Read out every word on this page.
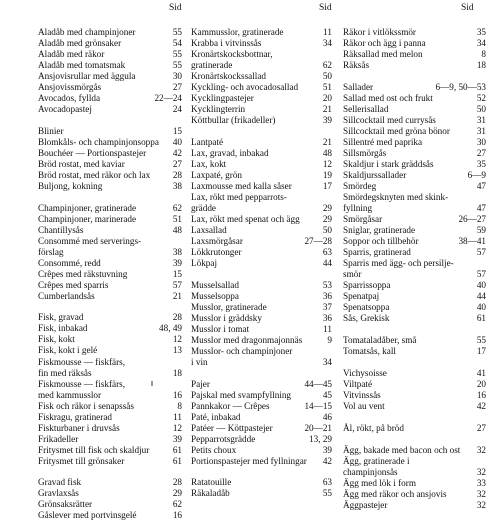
Sid
Aladåb med champinjoner	55
Aladåb med grönsaker	54
Aladåb med räkor	55
Aladåb med tomatsmak	55
Ansjovisrullar med äggula	30
Ansjovissmörgås	27
Avocados, fyllda	22—24
Avocadopastej	24
Blinier	15
Blomkåls- och champinjonsoppa 40
Bouchéer — Portionspastejer	42
Bröd rostat, med kaviar	27
Bröd rostat, med räkor och lax 28
Buljong, kokning	38
Champinjoner, gratinerade	62
Champinjoner, marinerade	51
Chantillysås	48
Consommé med serverings-
förslag	38
Consommé, redd	39
Crêpes med räkstuvning	15
Crêpes med sparris	57
Cumberlandsås	21
Fisk, gravad	28
Fisk, inbakad	48, 49
Fisk, kokt	12
Fisk, kokt i gelé	13
Fiskmousse — fiskfärs,
fin med räksås	18
Fiskmousse — fiskfärs,
med kammusslor	16
Fisk och räkor i senapssås	8
Fiskragu, gratinerad	11
Fiskturbaner i druvsås	12
Frikadeller	39
Fritysmet till fisk och skaldjur	61
Fritysmet till grönsaker	61
Gravad fisk	28
Gravlaxsås	29
Grönsaksrätter	62
Gåslever med portvinsgelé	16
Sid
Kammusslor, gratinerade	11
Krabba i vitvinssås	34
Kronärtskocksbottnar,
gratinerade	62
Kronärtskockssallad	50
Kyckling- och avocadosallad	51
Kycklingpastejer	20
Kycklingterrin	21
Köttbullar (frikadeller)	39
Lantpaté	21
Lax, gravad, inbakad	48
Lax, kokt	12
Laxpaté, grön	19
Laxmousse med kalla såser	17
Lax, rökt med pepparrots-
grädde	29
Lax, rökt med spenat och ägg	29
Laxsallad	50
Laxsmörgåsar	27—28
Lökkrutonger	63
Lökpaj	44
Musselsallad	53
Musselsoppa	36
Musslor, gratinerade	37
Musslor i gräddsky	36
Musslor i tomat	11
Musslor med dragonmajonnäs	9
Musslor- och champinjoner
i vin	34
Pajer	44—45
Pajskal med svampfyllning	45
Pannkakor — Crêpes	14—15
Paté, inbakad	46
Patéer — Köttpastejer	20—21
Pepparrotsgrädde	13, 29
Petits choux	39
Portionspastejer med fyllningar 42
Ratatouille	63
Räkaladåb	55
Sid
Räkor i vitlökssmör	35
Räkor och ägg i panna	34
Räksallad med melon	8
Räksås	18
Sallader	6—9, 50—53
Sallad med ost och frukt	52
Sellerisallad	50
Sillcocktail med currysås	31
Sillcocktail med gröna bönor	31
Sillentré med paprika	30
Sillsmörgås	27
Skaldjur i stark gräddsås	35
Skaldjurssallader	6—9
Smördeg	47
Smördegsknyten med skink-
fyllning	47
Smörgåsar	26—27
Sniglar, gratinerade	59
Soppor och tillbehör	38—41
Sparris, gratinerad	57
Sparris med ägg- och persilje-
smör	57
Sparrissoppa	40
Spenatpaj	44
Spenatsoppa	40
Sås, Grekisk	61
Tomataladåber, små	55
Tomatsås, kall	17
Vichysoisse	41
Viltpaté	20
Vitvinssås	16
Vol au vent	42
Ål, rökt, på bröd	27
Ägg, bakade med bacon och ost 32
Ägg, gratinerade i
champinjonsås	32
Ägg med lök i form	33
Ägg med räkor och ansjovis	32
Äggpastejer	32
